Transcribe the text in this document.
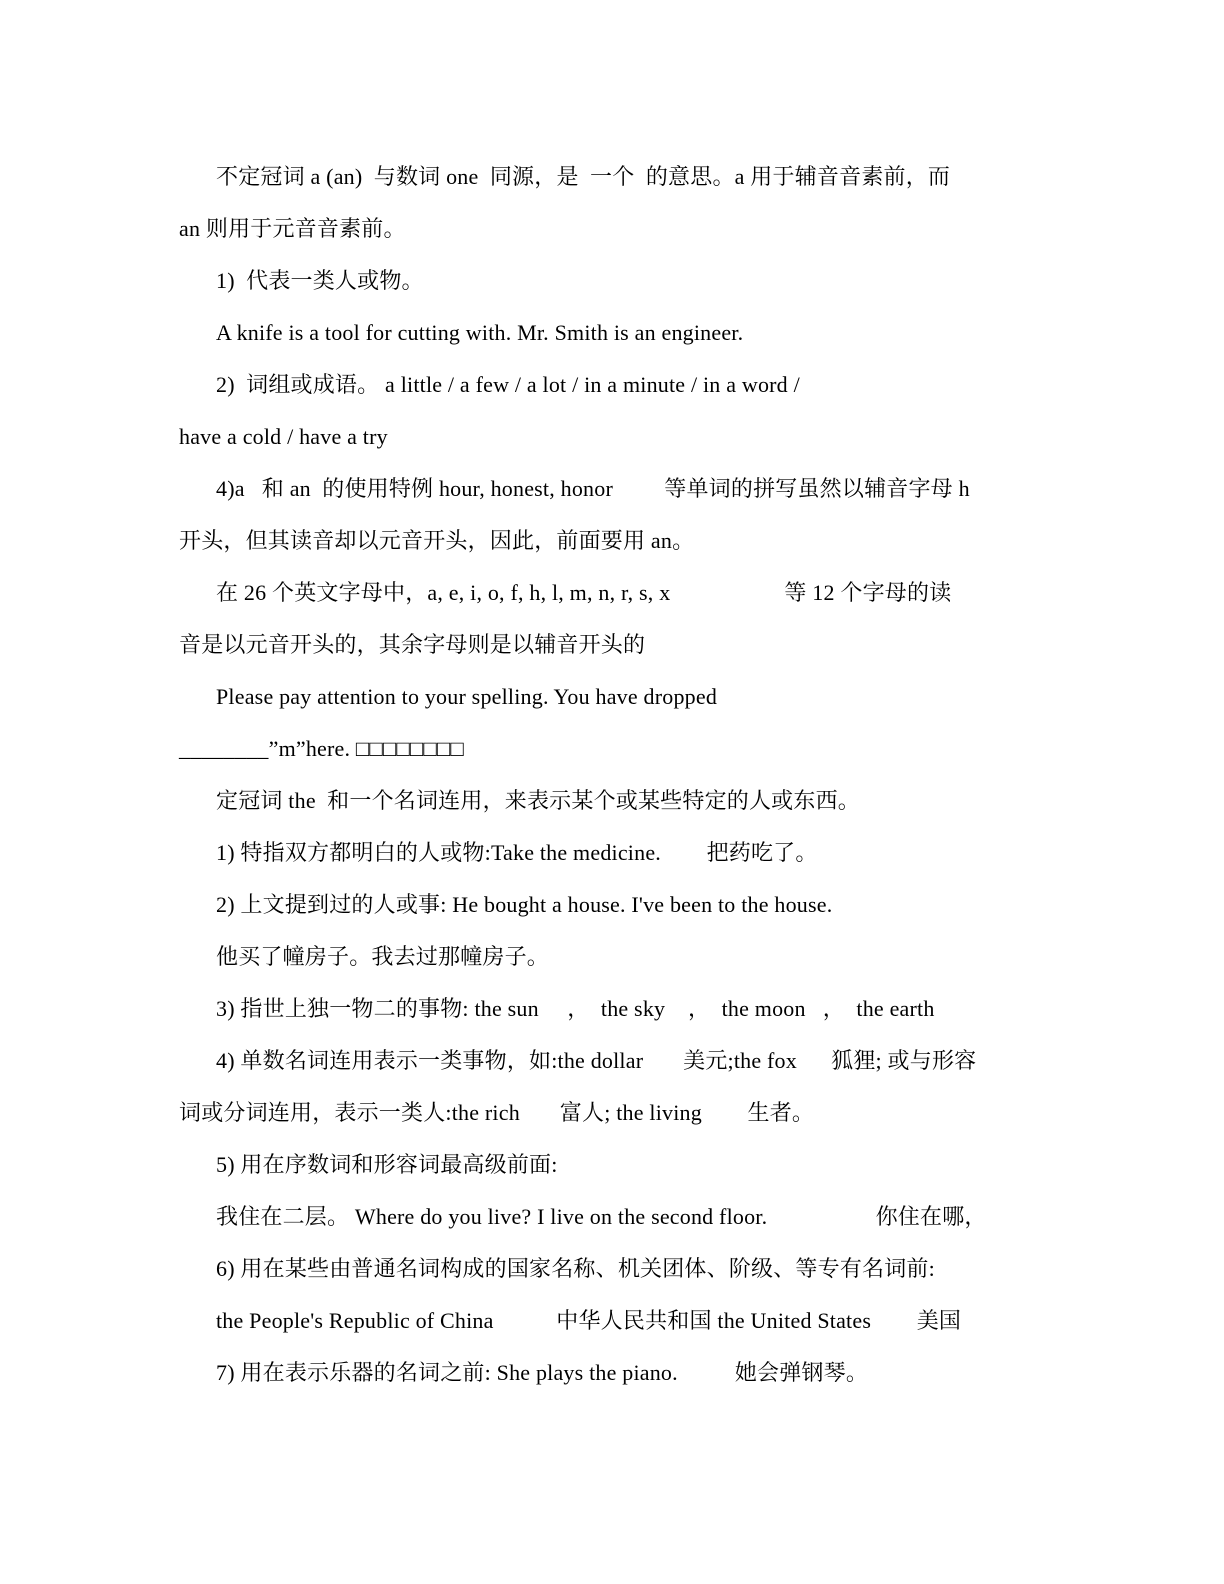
不定冠词 a (an)  与数词 one  同源，是  一个  的意思。a 用于辅音音素前，而
an 则用于元音音素前。
1)  代表一类人或物。
A knife is a tool for cutting with. Mr. Smith is an engineer.
2)  词组或成语。 a little / a few / a lot / in a minute / in a word /
have a cold / have a try
4)a   和 an  的使用特例 hour, honest, honor         等单词的拼写虽然以辅音字母 h
开头，但其读音却以元音开头，因此，前面要用 an。
在 26 个英文字母中，a, e, i, o, f, h, l, m, n, r, s, x                    等 12 个字母的读
音是以元音开头的，其余字母则是以辅音开头的
Please pay attention to your spelling. You have dropped
________”m”here. □□□□□□□□
定冠词 the  和一个名词连用，来表示某个或某些特定的人或东西。
1) 特指双方都明白的人或物:Take the medicine.        把药吃了。
2) 上文提到过的人或事: He bought a house. I've been to the house.
他买了幢房子。我去过那幢房子。
3) 指世上独一物二的事物: the sun     ，  the sky    ，  the moon   ，  the earth
4) 单数名词连用表示一类事物，如:the dollar       美元;the fox      狐狸; 或与形容
词或分词连用，表示一类人:the rich       富人; the living        生者。
5) 用在序数词和形容词最高级前面:
我住在二层。 Where do you live? I live on the second floor.                   你住在哪，
6) 用在某些由普通名词构成的国家名称、机关团体、阶级、等专有名词前:
the People's Republic of China           中华人民共和国 the United States        美国
7) 用在表示乐器的名词之前: She plays the piano.          她会弹钢琴。
